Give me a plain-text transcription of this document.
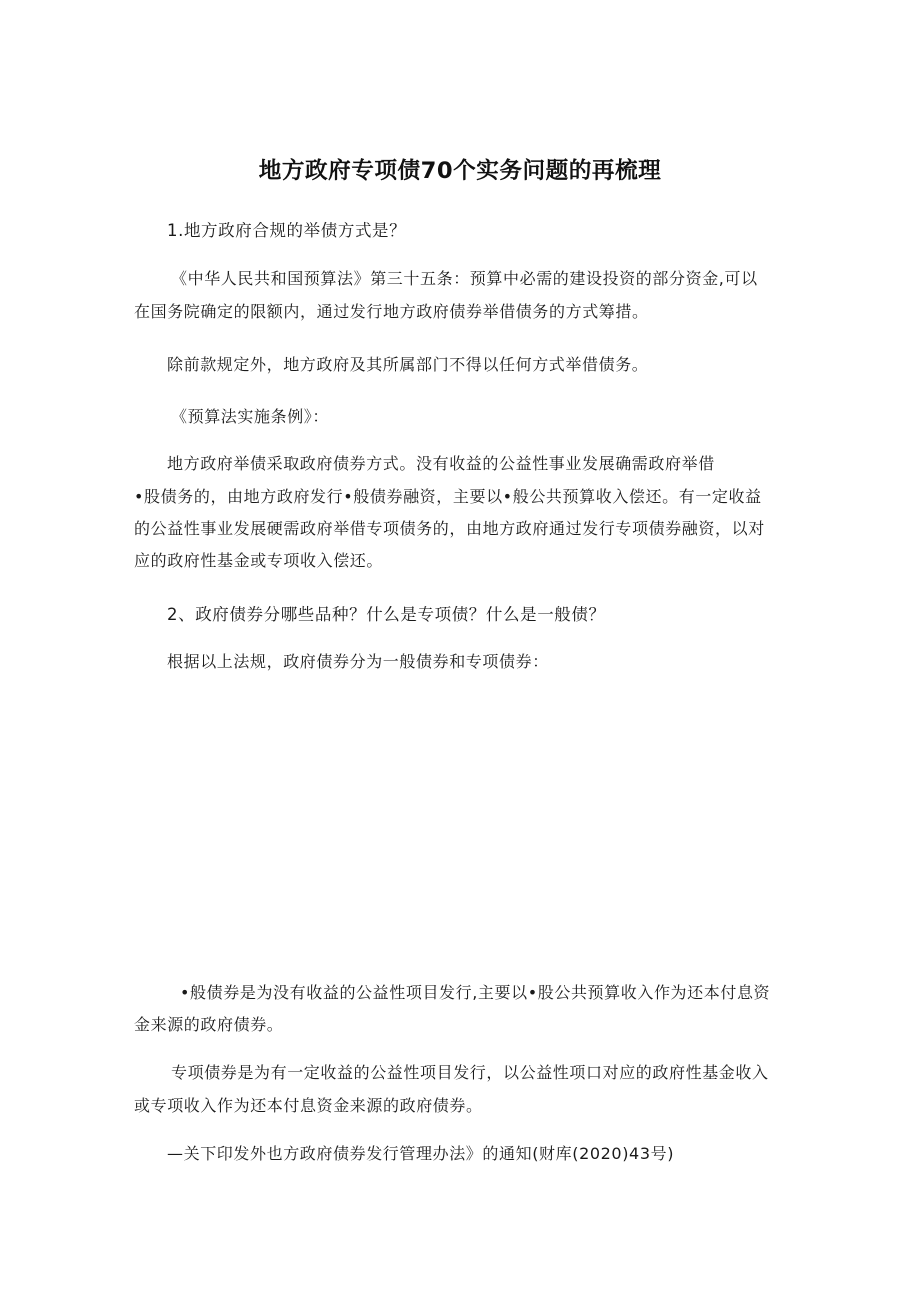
地方政府专项债70个实务问题的再梳理
1.地方政府合规的举债方式是？
《中华人民共和国预算法》第三十五条：预算中必需的建设投资的部分资金,可以
在国务院确定的限额内，通过发行地方政府债券举借债务的方式筹措。
除前款规定外，地方政府及其所属部门不得以任何方式举借债务。
《预算法实施条例》：
地方政府举债采取政府债券方式。没有收益的公益性事业发展确需政府举借
•股债务的，由地方政府发行•般债券融资，主要以•般公共预算收入偿还。有一定收益
的公益性事业发展硬需政府举借专项债务的，由地方政府通过发行专项债券融资，以对
应的政府性基金或专项收入偿还。
2、政府债券分哪些品种？什么是专项债？什么是一般债？
根据以上法规，政府债券分为一般债券和专项债券：
•般债券是为没有收益的公益性项目发行,主要以•股公共预算收入作为还本付息资
金来源的政府债券。
专项债券是为有一定收益的公益性项目发行，以公益性项口对应的政府性基金收入
或专项收入作为还本付息资金来源的政府债券。
—关下印发外也方政府债券发行管理办法》的通知(财库(2020)43号)
